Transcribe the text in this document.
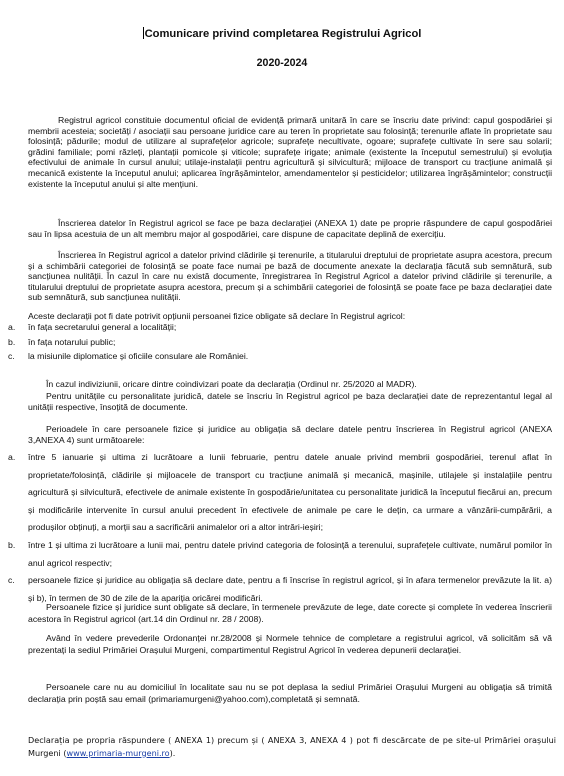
Comunicare privind completarea Registrului Agricol
2020-2024
Registrul agricol constituie documentul oficial de evidență primară unitară în care se înscriu date privind: capul gospodăriei și membrii acesteia; societăți / asociații sau persoane juridice care au teren în proprietate sau folosință; terenurile aflate în proprietate sau folosință; pădurile; modul de utilizare al suprafețelor agricole; suprafețe necultivate, ogoare; suprafețe cultivate în sere sau solarii; grădini familiale; pomi răzleți, plantații pomicole și viticole; suprafețe irigate; animale (existente la începutul semestrului) și evoluția efectivului de animale în cursul anului; utilaje-instalații pentru agricultură și silvicultură; mijloace de transport cu tracțiune animală și mecanică existente la începutul anului; aplicarea îngrășămintelor, amendamentelor și pesticidelor; utilizarea îngrășămintelor; construcții existente la începutul anului și alte mențiuni.
Înscrierea datelor în Registrul agricol se face pe baza declarației (ANEXA 1) date pe proprie răspundere de capul gospodăriei sau în lipsa acestuia de un alt membru major al gospodăriei, care dispune de capacitate deplină de exercițiu.
Înscrierea în Registrul agricol a datelor privind clădirile și terenurile, a titularului dreptului de proprietate asupra acestora, precum și a schimbării categoriei de folosință se poate face numai pe bază de documente anexate la declarația făcută sub semnătură, sub sancțiunea nulității. În cazul în care nu există documente, înregistrarea în Registrul Agricol a datelor privind clădirile și terenurile, a titularului dreptului de proprietate asupra acestora, precum și a schimbării categoriei de folosință se poate face pe baza declarației date sub semnătură, sub sancțiunea nulității.
Aceste declarații pot fi date potrivit opțiunii persoanei fizice obligate să declare în Registrul agricol:
a. în fața secretarului general a localității;
b. în fața notarului public;
c. la misiunile diplomatice și oficiile consulare ale României.
În cazul indiviziunii, oricare dintre coindivizari poate da declarația (Ordinul nr. 25/2020 al MADR).
Pentru unitățile cu personalitate juridică, datele se înscriu în Registrul agricol pe baza declarației date de reprezentantul legal al unității respective, însoțită de documente.
Perioadele în care persoanele fizice și juridice au obligația să declare datele pentru înscrierea în Registrul agricol (ANEXA 3,ANEXA 4) sunt următoarele:
a. între 5 ianuarie și ultima zi lucrătoare a lunii februarie, pentru datele anuale privind membrii gospodăriei, terenul aflat în proprietate/folosință, clădirile și mijloacele de transport cu tracțiune animală și mecanică, mașinile, utilajele și instalațiile pentru agricultură și silvicultură, efectivele de animale existente în gospodărie/unitatea cu personalitate juridică la începutul fiecărui an, precum și modificările intervenite în cursul anului precedent în efectivele de animale pe care le dețin, ca urmare a vânzării-cumpărării, a produșilor obținuți, a morții sau a sacrificării animalelor ori a altor intrări-ieșiri;
b. între 1 și ultima zi lucrătoare a lunii mai, pentru datele privind categoria de folosință a terenului, suprafețele cultivate, numărul pomilor în anul agricol respectiv;
c. persoanele fizice și juridice au obligația să declare date, pentru a fi înscrise în registrul agricol, și în afara termenelor prevăzute la lit. a) și b), în termen de 30 de zile de la apariția oricărei modificări.
Persoanele fizice și juridice sunt obligate să declare, în termenele prevăzute de lege, date corecte și complete în vederea înscrierii acestora în Registrul agricol (art.14 din Ordinul nr. 28 / 2008).
Având în vedere prevederile Ordonanței nr.28/2008 și Normele tehnice de completare a registrului agricol, vă solicităm să vă prezentați la sediul Primăriei Orașului Murgeni, compartimentul Registrul Agricol în vederea depunerii declarației.
Persoanele care nu au domiciliul în localitate sau nu se pot deplasa la sediul Primăriei Orașului Murgeni au obligația să trimită declarația prin poștă sau email (primariamurgeni@yahoo.com),completată și semnată.
Declarația pe propria răspundere ( ANEXA 1) precum și ( ANEXA 3, ANEXA 4 ) pot fi descărcate de pe site-ul Primăriei orașului Murgeni (www.primaria-murgeni.ro).
